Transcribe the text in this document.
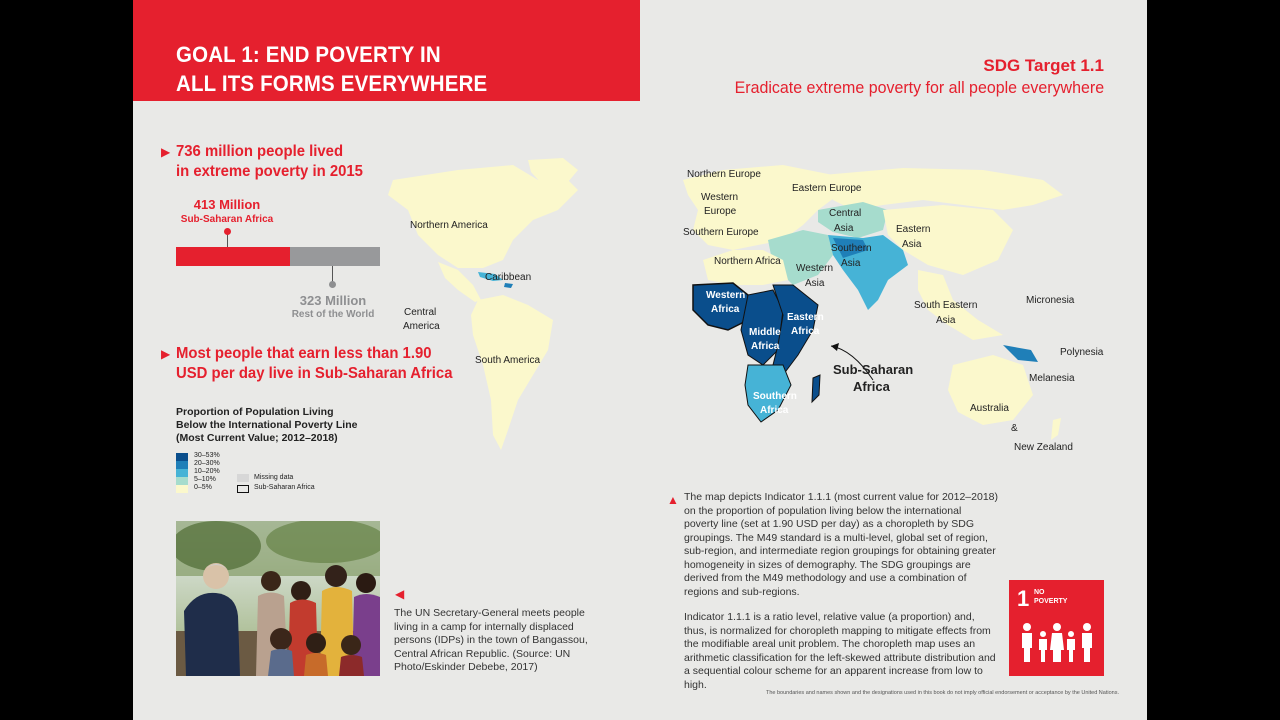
GOAL 1: END POVERTY IN
ALL ITS FORMS EVERYWHERE
SDG Target 1.1
Eradicate extreme poverty for all people everywhere
▶ 736 million people lived
in extreme poverty in 2015
413 Million
Sub-Saharan Africa
323 Million
Rest of the World
▶ Most people that earn less than 1.90
USD per day live in Sub-Saharan Africa
Proportion of Population Living
Below the International Poverty Line
(Most Current Value; 2012–2018)
30–53%
20–30%
10–20%
5–10%
0–5%
Missing data
Sub-Saharan Africa
◀
The UN Secretary-General meets people living in a camp for internally displaced persons (IDPs) in the town of Bangassou, Central African Republic. (Source: UN Photo/Eskinder Debebe, 2017)
Northern America
Caribbean
Central
America
South America
Northern Europe
Western
Europe
Eastern Europe
Southern Europe
Central
Asia	Eastern
Asia
Southern
Asia
Western
Asia
Northern Africa
South Eastern
Asia
Micronesia
Polynesia
Melanesia
Australia
&
New Zealand
Western
Africa
Eastern
Africa
Middle
Africa
Southern
Africa
Sub-Saharan
Africa
▲ The map depicts Indicator 1.1.1 (most current value for 2012–2018) on the proportion of population living below the international poverty line (set at 1.90 USD per day) as a choropleth by SDG groupings. The M49 standard is a multi-level, global set of region, sub-region, and intermediate region groupings for obtaining greater homogeneity in sizes of demography. The SDG groupings are derived from the M49 methodology and use a combination of regions and sub-regions.

Indicator 1.1.1 is a ratio level, relative value (a proportion) and, thus, is normalized for choropleth mapping to mitigate effects from the modifiable areal unit problem. The choropleth map uses an arithmetic classification for the left-skewed attribute distribution and a sequential colour scheme for an apparent increase from low to high.

1 NO
POVERTY
The boundaries and names shown and the designations used in this book do not imply official endorsement or acceptance by the United Nations.
